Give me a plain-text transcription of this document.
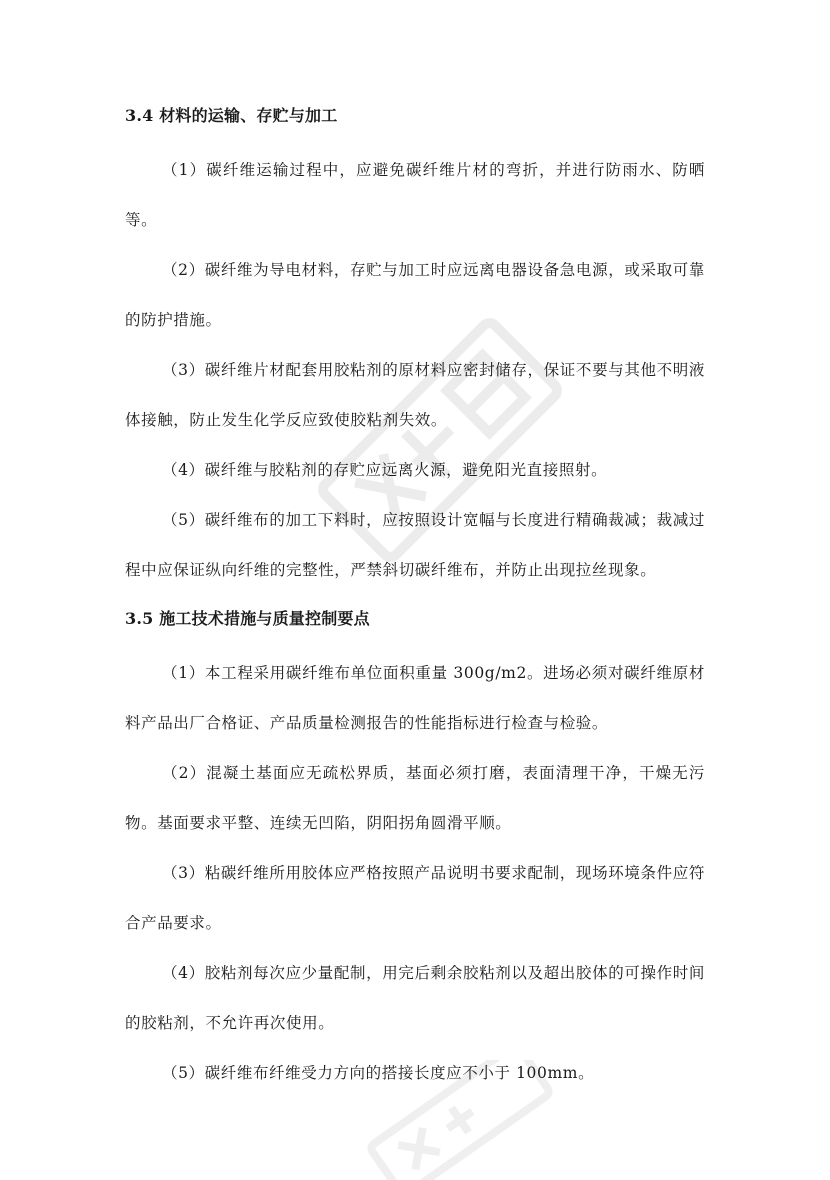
3.4 材料的运输、存贮与加工

（1）碳纤维运输过程中，应避免碳纤维片材的弯折，并进行防雨水、防晒等。

（2）碳纤维为导电材料，存贮与加工时应远离电器设备急电源，或采取可靠的防护措施。

（3）碳纤维片材配套用胶粘剂的原材料应密封储存，保证不要与其他不明液体接触，防止发生化学反应致使胶粘剂失效。

（4）碳纤维与胶粘剂的存贮应远离火源，避免阳光直接照射。

（5）碳纤维布的加工下料时，应按照设计宽幅与长度进行精确裁减；裁减过程中应保证纵向纤维的完整性，严禁斜切碳纤维布，并防止出现拉丝现象。

3.5 施工技术措施与质量控制要点

（1）本工程采用碳纤维布单位面积重量 300g/m2。进场必须对碳纤维原材料产品出厂合格证、产品质量检测报告的性能指标进行检查与检验。

（2）混凝土基面应无疏松界质，基面必须打磨，表面清理干净，干燥无污物。基面要求平整、连续无凹陷，阴阳拐角圆滑平顺。

（3）粘碳纤维所用胶体应严格按照产品说明书要求配制，现场环境条件应符合产品要求。

（4）胶粘剂每次应少量配制，用完后剩余胶粘剂以及超出胶体的可操作时间的胶粘剂，不允许再次使用。

（5）碳纤维布纤维受力方向的搭接长度应不小于 100mm。
